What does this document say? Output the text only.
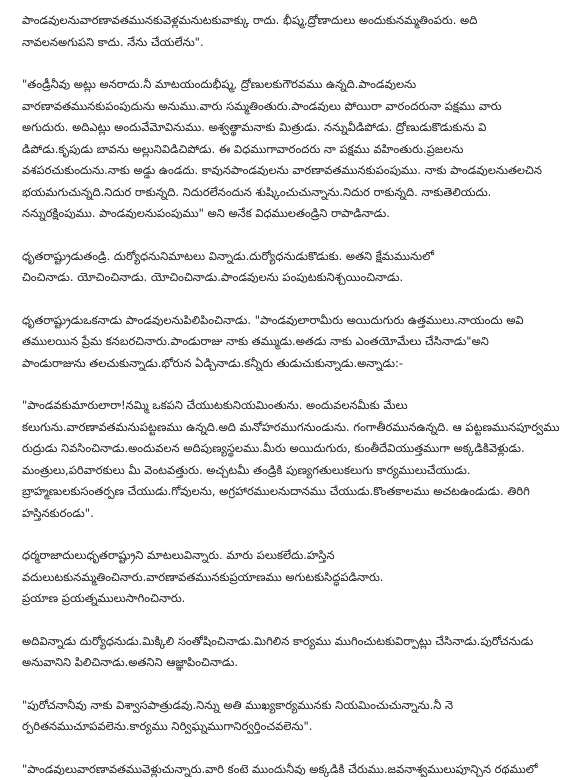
పాండవులనువారణావతమునకువెళ్లమనుటకువాక్కు రాదు. భీష్మ,ద్రోణాదులు అందుకునమ్మతింపరు. అది
నావలనఅగుపని కాదు. నేను చేయలేను".

"తండ్రీనీవు అట్లు అనరాదు.నీ మాటయందుభీష్మ, ద్రోణులకుగౌరవము ఉన్నది.పాండవులను
వారణావతమునకుపంపుదును అనుము.వారు సమ్మతింతురు.పాండవులు పోయిరా వారందరునా పక్షము వారు
అగుదురు. అదిఎట్లు అందువేమోవినుము. అశ్వత్థామనాకు మిత్రుడు. నన్నువీడిపోడు. ద్రోణుడుకొడుకును వి
డిపోడు.కృపుడు బావను అల్లునివిడిచిపోడు. ఈ విధముగావారందరు నా పక్షము వహింతురు.ప్రజలను
వశపరచుకుందును.నాకు అడ్డు ఉండదు. కావునపాండవులను వారణావతమునకుపంపుము. నాకు పాండవులనుతలచిన
భయమగుచున్నది.నిదుర రాకున్నది. నిదురలేనందున శుష్కించుచున్నాను.నిదుర రాకున్నది. నాకుతెలియదు.
నన్నురక్షింపుము. పాండవులనుపంపుము" అని అనేక విధములతండ్రిని రాపాడినాడు.

ధృతరాష్ట్రుడుతండ్రి. దుర్యోధనునిమాటలు విన్నాడు.దుర్యోధనుడుకొడుకు. అతని క్షేమమునులో
చించినాడు. యోచించినాడు. యోచించినాడు.పాండవులను పంపుటకునిశ్చయించినాడు.

ధృతరాష్ట్రుడుఒకనాడు పాండవులనుపిలిపించినాడు. "పాండవులారామీరు అయిదుగురు ఉత్తములు.నాయందు అవి
తములయిన ప్రేమ కనబరచినారు.పాండురాజు నాకు తమ్ముడు.అతడు నాకు ఎంతయోమేలు చేసినాడు"అని
పాండురాజును తలచుకున్నాడు.భోరున ఏడ్చినాడు.కన్నీరు తుడుచుకున్నాడు.అన్నాడు:-

"పాండవకుమారులారా!నమ్మి ఒకపని చేయుటకునియమింతును. అందువలనమీకు మేలు
కలుగును.వారణావతమనుపట్టణము ఉన్నది.అది మనోహరముగనుండును. గంగాతీరమునఉన్నది. ఆ పట్టణమునపూర్వము
రుద్రుడు నివసించినాడు.అందువలన అదిపుణ్యస్థలము.మీరు అయిదుగురు, కుంతీదేవియుత్తముగా అక్కడికివెళ్లుడు.
మంత్రులు,పరివారకులు మీ వెంటవత్తురు. అచ్చటమీ తండ్రికి పుణ్యగతులుకలుగు కార్యములుచేయుడు.
బ్రాహ్మణులకుసంతర్పణ చేయుడు.గోవులను, అగ్రహారములనుదానము చేయుడు.కొంతకాలము అచటఉండుడు. తిరిగి
హస్తినకురండు".

ధర్మరాజాదులుధృతరాష్ట్రుని మాటలువిన్నారు. మారు పలుకలేదు.హస్తిన
వదులుటకునమ్మతించినారు.వారణావతమునకుప్రయాణము అగుటకుసిద్ధపడినారు.
ప్రయాణ ప్రయత్నములుసాగించినారు.

అదివిన్నాడు దుర్యోధనుడు.మిక్కిలి సంతోషించినాడు.మిగిలిన కార్యము ముగించుటకువిర్పాట్లు చేసినాడు.పురోచనుడు
అనువానిని పిలిచినాడు.అతనిని ఆజ్ఞాపించినాడు.

"పురోచనానీవు నాకు విశ్వాసపాత్రుడవు.నిన్ను అతి ముఖ్యకార్యమునకు నియమించుచున్నాను.నీ నె
ర్పరితనముచూపవలెను.కార్యము నిర్విఘ్నముగానిర్వర్తించవలెను".

"పాండవులువారణావతమువెళ్లుచున్నారు.వారి కంటె ముందునీవు అక్కడికి చేరుము.జవనాశ్వములుపూన్చిన రథములో
